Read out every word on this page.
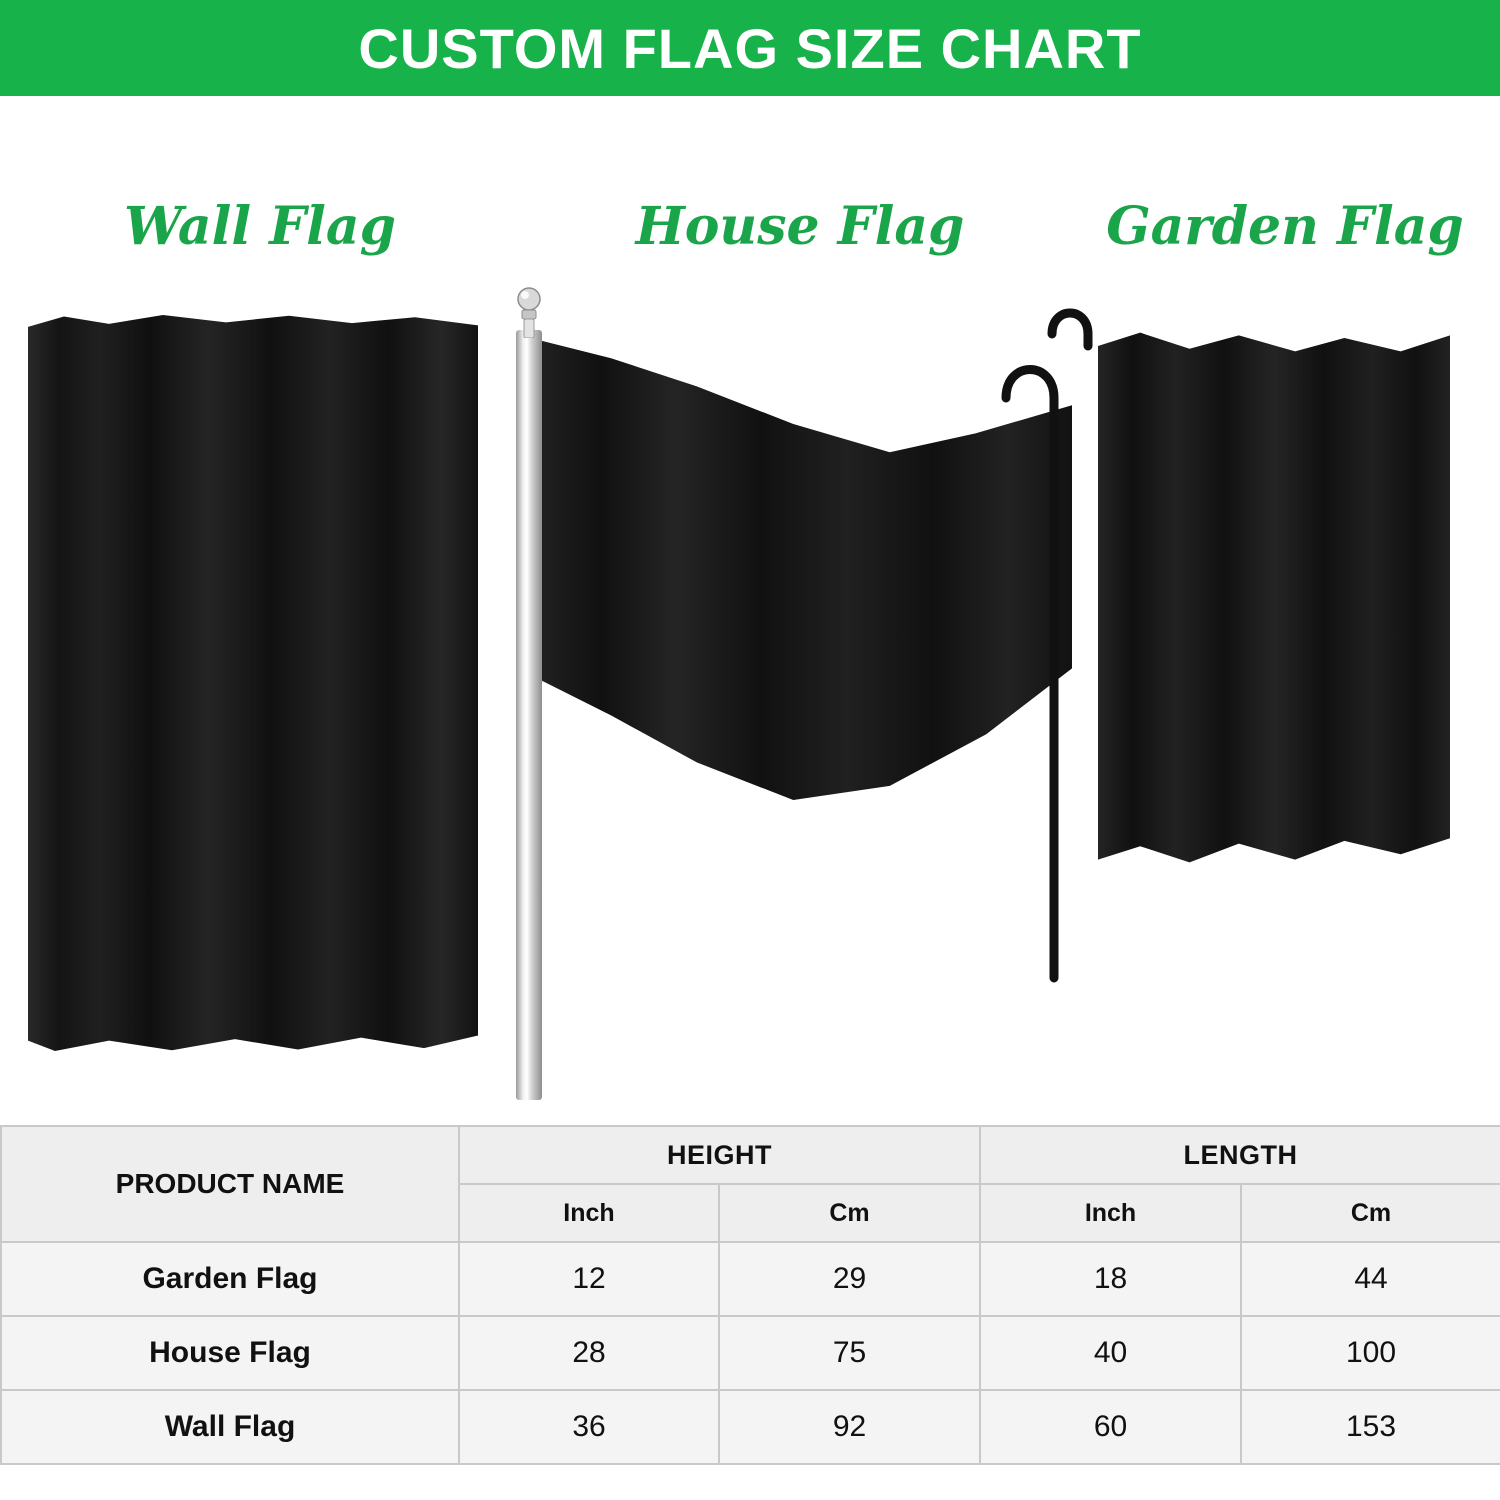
CUSTOM FLAG SIZE CHART
Wall Flag	House Flag	Garden Flag
PRODUCT NAME	HEIGHT		LENGTH	
	Inch	Cm	Inch	Cm
Garden Flag	12	29	18	44
House Flag	28	75	40	100
Wall Flag	36	92	60	153
